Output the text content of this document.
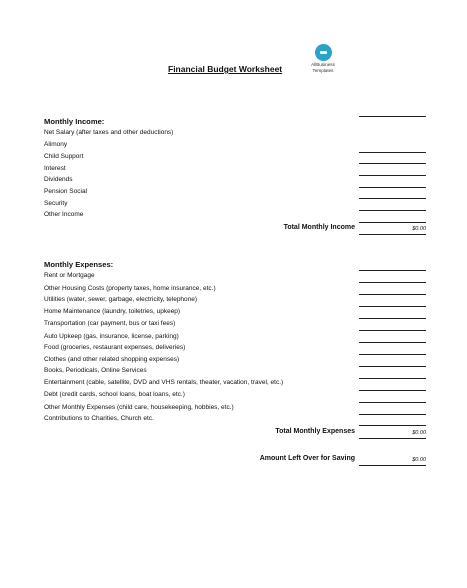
Financial Budget Worksheet	AllBusiness
Templates
Monthly Income:
Net Salary (after taxes and other deductions)
Alimony
Child Support
Interest
Dividends
Pension Social
Security
Other Income
Total Monthly Income	$0.00
Monthly Expenses:
Rent or Mortgage
Other Housing Costs (property taxes, home insurance, etc.)
Utilities (water, sewer, garbage, electricity, telephone)
Home Maintenance (laundry, toiletries, upkeep)
Transportation (car payment, bus or taxi fees)
Auto Upkeep (gas, insurance, license, parking)
Food (groceries, restaurant expenses, deliveries)
Clothes (and other related shopping expenses)
Books, Periodicals, Online Services
Entertainment (cable, satellite, DVD and VHS rentals, theater, vacation, travel, etc.)
Debt (credit cards, school loans, boat loans, etc.)
Other Monthly Expenses (child care, housekeeping, hobbies, etc.)
Contributions to Charities, Church etc.
Total Monthly Expenses	$0.00
Amount Left Over for Saving	$0.00
